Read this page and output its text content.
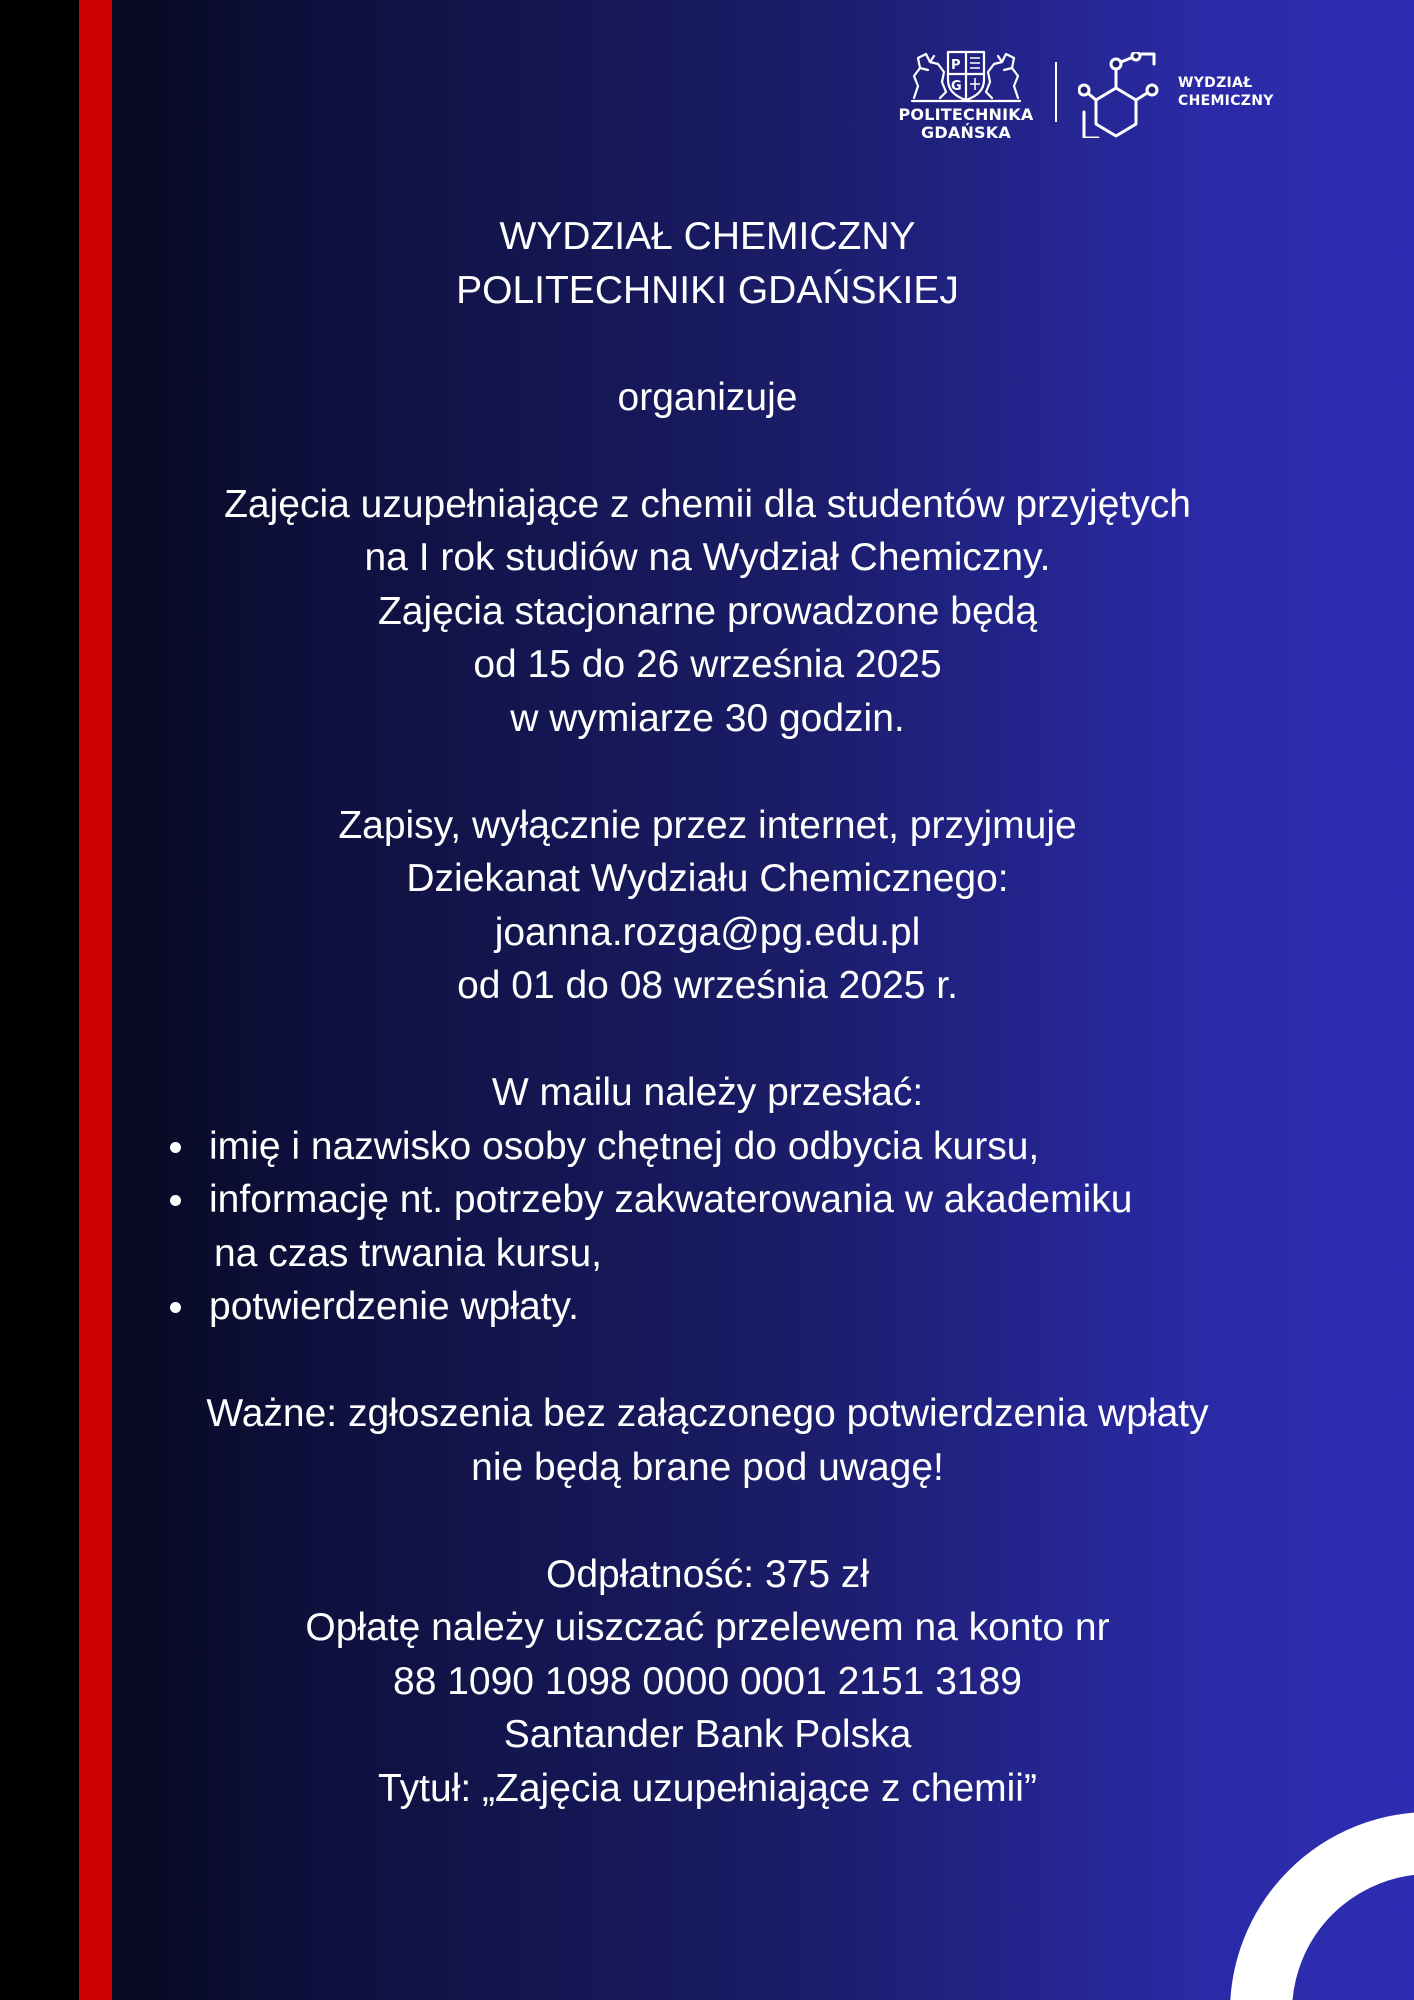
P
G
POLITECHNIKA
GDAŃSKA
WYDZIAŁ
CHEMICZNY
WYDZIAŁ CHEMICZNY
POLITECHNIKI GDAŃSKIEJ
organizuje
Zajęcia uzupełniające z chemii dla studentów przyjętych
na I rok studiów na Wydział Chemiczny.
Zajęcia stacjonarne prowadzone będą
od 15 do 26 września 2025
w wymiarze 30 godzin.
Zapisy, wyłącznie przez internet, przyjmuje
Dziekanat Wydziału Chemicznego:
joanna.rozga@pg.edu.pl
od 01 do 08 września 2025 r.
W mailu należy przesłać:
imię i nazwisko osoby chętnej do odbycia kursu,
informację nt. potrzeby zakwaterowania w akademiku
na czas trwania kursu,
potwierdzenie wpłaty.
Ważne: zgłoszenia bez załączonego potwierdzenia wpłaty
nie będą brane pod uwagę!
Odpłatność: 375 zł
Opłatę należy uiszczać przelewem na konto nr
88 1090 1098 0000 0001 2151 3189
Santander Bank Polska
Tytuł: „Zajęcia uzupełniające z chemii”
